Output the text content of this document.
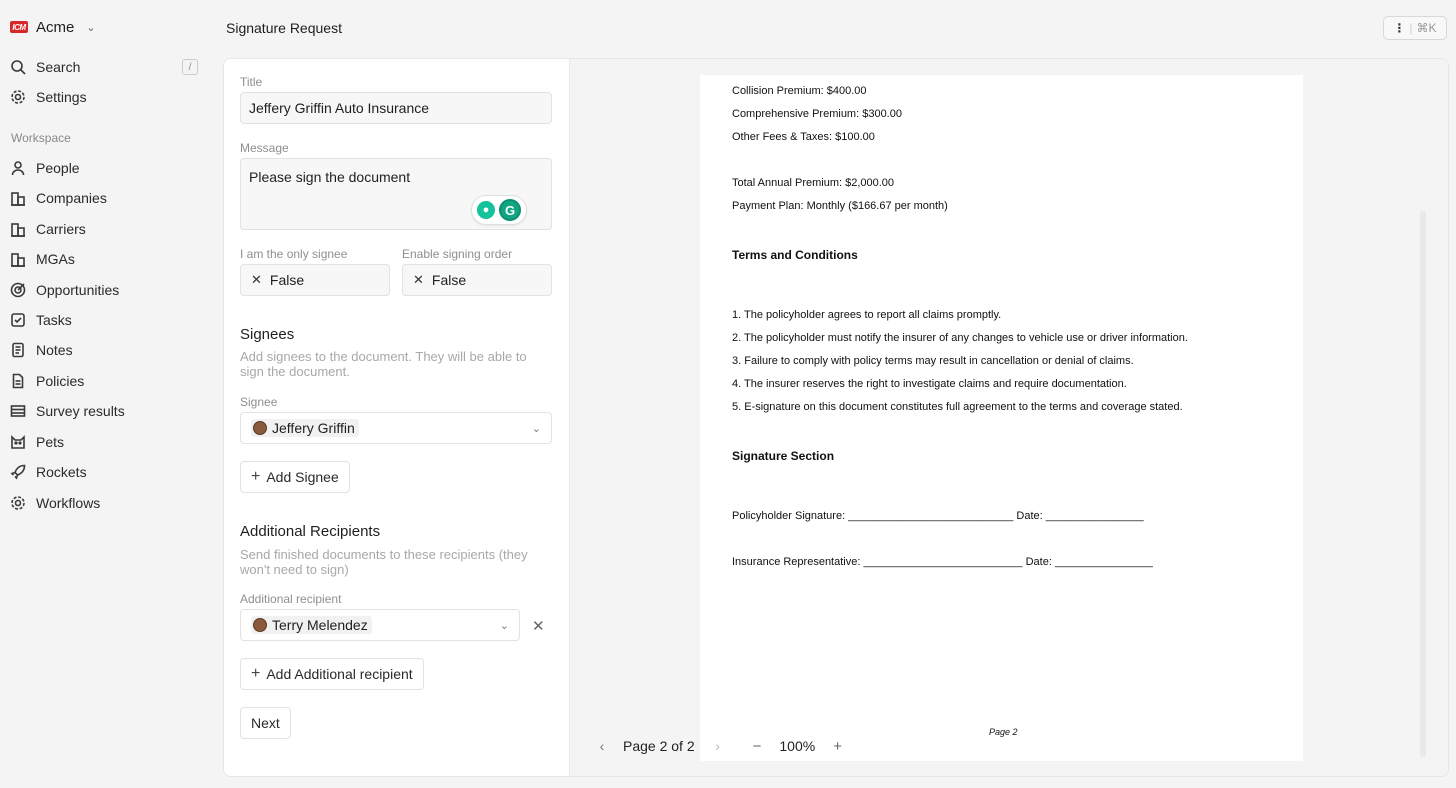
ICM Acme ⌄
Search	/
Settings
Workspace
People
Companies
Carriers
MGAs
Opportunities
Tasks
Notes
Policies
Survey results
Pets
Rockets
Workflows
Signature Request	⋮ | ⌘K
Title
Jeffery Griffin Auto Insurance
Message
Please sign the document
●	G
I am the only signee	Enable signing order
✕ False	✕ False
Signees
Add signees to the document. They will be able to sign the document.
Signee
Jeffery Griffin	⌄
+ Add Signee
Additional Recipients
Send finished documents to these recipients (they won't need to sign)
Additional recipient
Terry Melendez	⌄ ✕
+ Add Additional recipient
Next
Collision Premium: $400.00
Comprehensive Premium: $300.00
Other Fees & Taxes: $100.00
Total Annual Premium: $2,000.00
Payment Plan: Monthly ($166.67 per month)
Terms and Conditions
1. The policyholder agrees to report all claims promptly.
2. The policyholder must notify the insurer of any changes to vehicle use or driver information.
3. Failure to comply with policy terms may result in cancellation or denial of claims.
4. The insurer reserves the right to investigate claims and require documentation.
5. E-signature on this document constitutes full agreement to the terms and coverage stated.
Signature Section
Policyholder Signature: ___________________________ Date: ________________
Insurance Representative: __________________________ Date: ________________
Page 2
‹	Page 2 of 2	›	− 100% +
